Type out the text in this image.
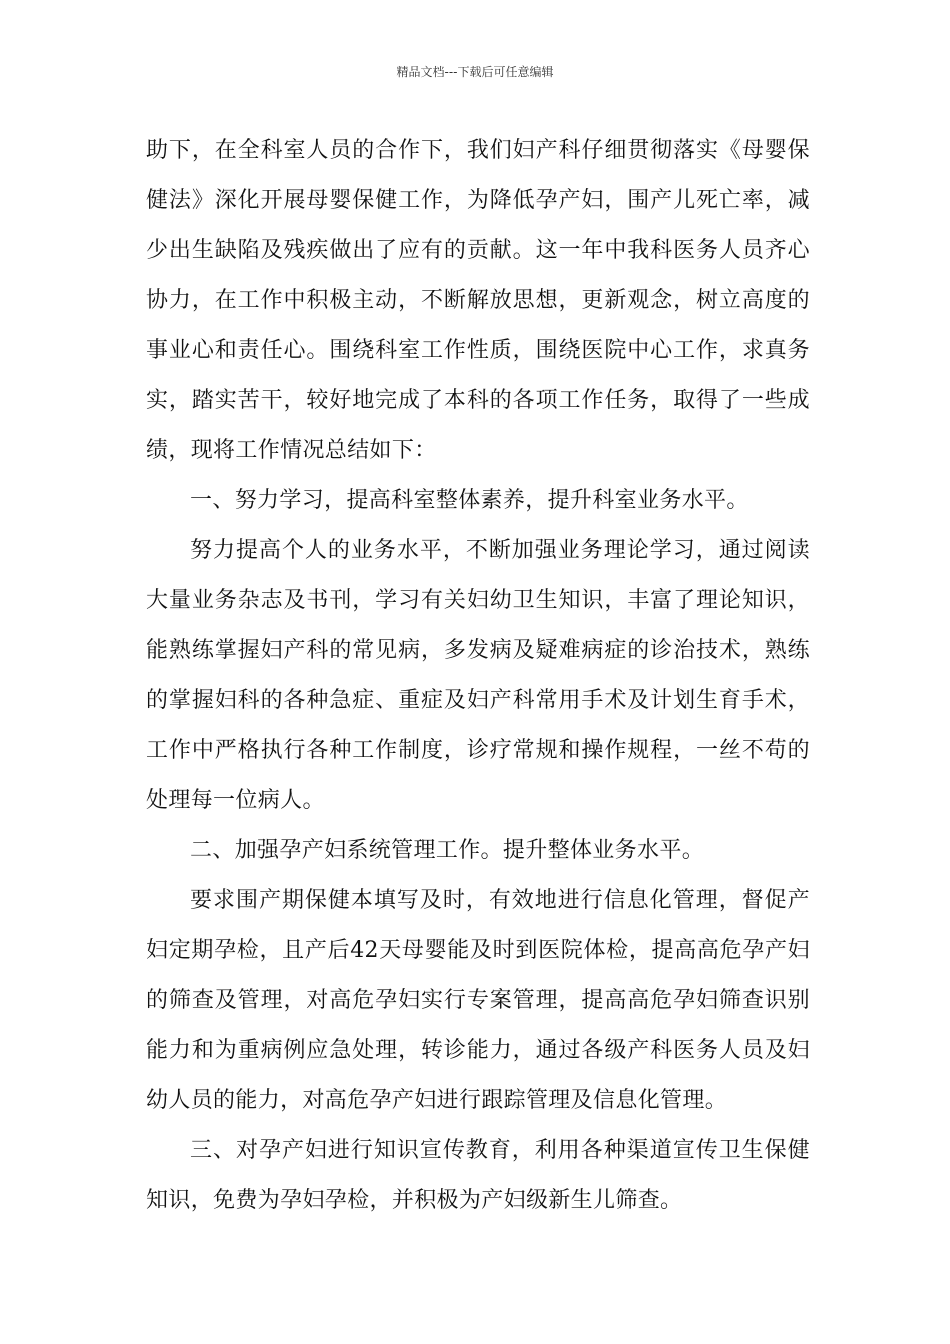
精品文档---下载后可任意编辑

助下，在全科室人员的合作下，我们妇产科仔细贯彻落实《母婴保健法》深化开展母婴保健工作，为降低孕产妇，围产儿死亡率，减少出生缺陷及残疾做出了应有的贡献。这一年中我科医务人员齐心协力，在工作中积极主动，不断解放思想，更新观念，树立高度的事业心和责任心。围绕科室工作性质，围绕医院中心工作，求真务实，踏实苦干，较好地完成了本科的各项工作任务，取得了一些成绩，现将工作情况总结如下：

一、努力学习，提高科室整体素养，提升科室业务水平。

努力提高个人的业务水平，不断加强业务理论学习，通过阅读大量业务杂志及书刊，学习有关妇幼卫生知识，丰富了理论知识，能熟练掌握妇产科的常见病，多发病及疑难病症的诊治技术，熟练的掌握妇科的各种急症、重症及妇产科常用手术及计划生育手术，工作中严格执行各种工作制度，诊疗常规和操作规程，一丝不苟的处理每一位病人。

二、加强孕产妇系统管理工作。提升整体业务水平。

要求围产期保健本填写及时，有效地进行信息化管理，督促产妇定期孕检，且产后42天母婴能及时到医院体检，提高高危孕产妇的筛查及管理，对高危孕妇实行专案管理，提高高危孕妇筛查识别能力和为重病例应急处理，转诊能力，通过各级产科医务人员及妇幼人员的能力，对高危孕产妇进行跟踪管理及信息化管理。

三、对孕产妇进行知识宣传教育，利用各种渠道宣传卫生保健知识，免费为孕妇孕检，并积极为产妇级新生儿筛查。
